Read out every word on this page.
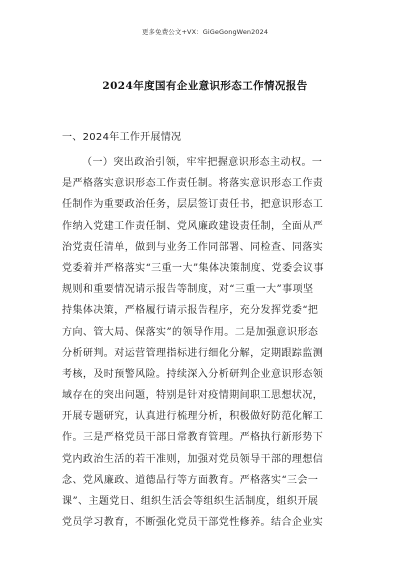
更多免费公文+VX：GiGeGongWen2024
2024年度国有企业意识形态工作情况报告
一、2024年工作开展情况
（一）突出政治引领，牢牢把握意识形态主动权。一
是严格落实意识形态工作责任制。将落实意识形态工作责
任制作为重要政治任务，层层签订责任书，把意识形态工
作纳入党建工作责任制、党风廉政建设责任制，全面从严
治党责任清单，做到与业务工作同部署、同检查、同落实
党委着并严格落实“三重一大”集体决策制度、党委会议事
规则和重要情况请示报告等制度，对“三重一大”事项坚
持集体决策，严格履行请示报告程序，充分发挥党委“把
方向、管大局、保落实”的领导作用。二是加强意识形态
分析研判。对运营管理指标进行细化分解，定期跟踪监测
考核，及时预警风险。持续深入分析研判企业意识形态领
域存在的突出问题，特别是针对疫情期间职工思想状况，
开展专题研究，认真进行梳理分析，积极做好防范化解工
作。三是严格党员干部日常教育管理。严格执行新形势下
党内政治生活的若干准则，加强对党员领导干部的理想信
念、党风廉政、道德品行等方面教育。严格落实“三会一
课”、主题党日、组织生活会等组织生活制度，组织开展
党员学习教育，不断强化党员干部党性修养。结合企业实
